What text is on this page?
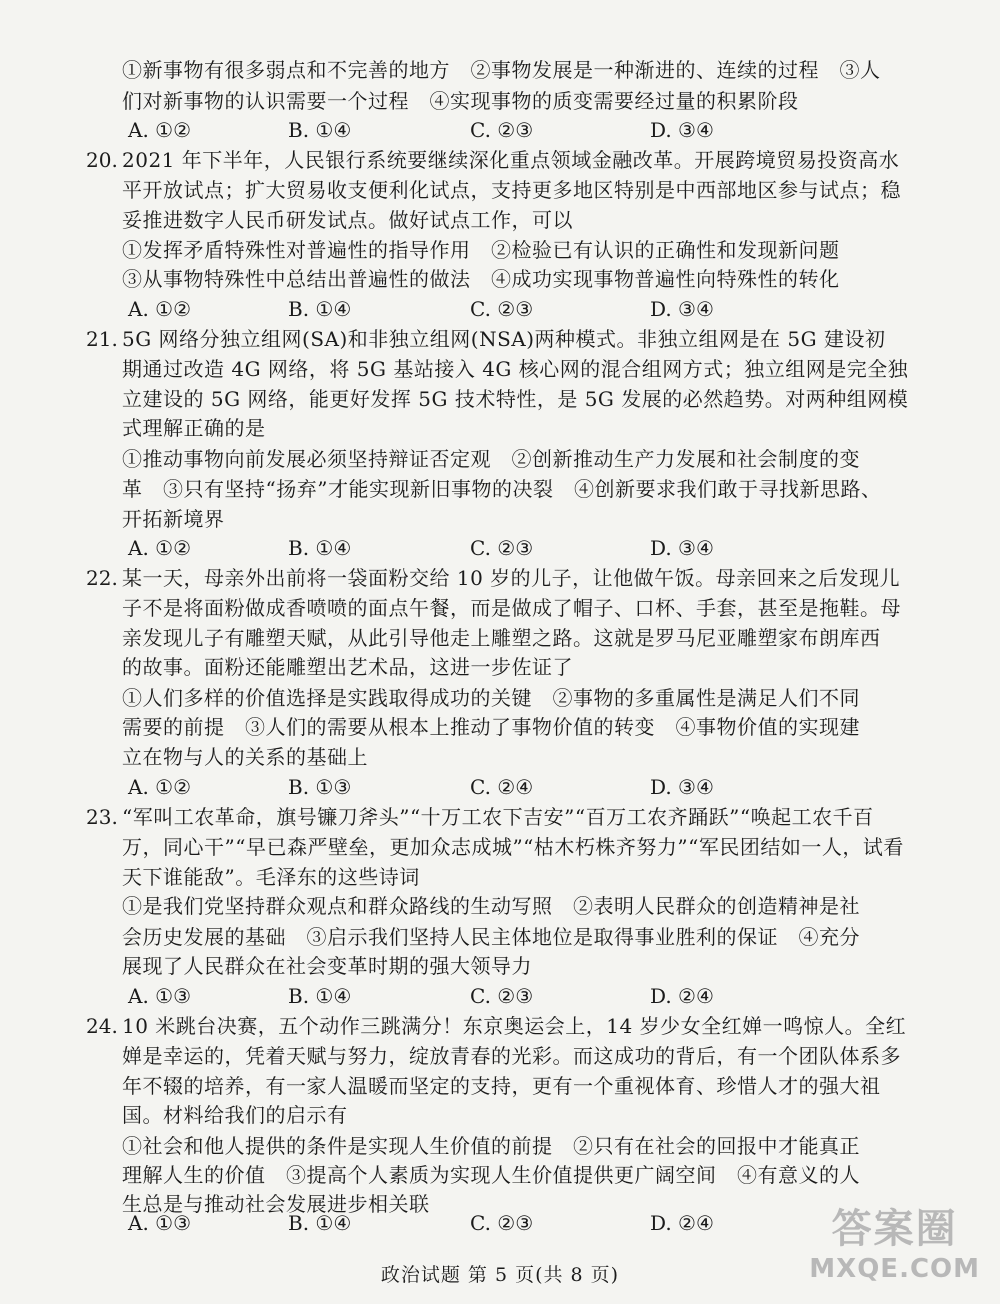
①新事物有很多弱点和不完善的地方　②事物发展是一种渐进的、连续的过程　③人
们对新事物的认识需要一个过程　④实现事物的质变需要经过量的积累阶段
A. ①②	B. ①④	C. ②③	D. ③④
20. 2021 年下半年，人民银行系统要继续深化重点领域金融改革。开展跨境贸易投资高水
平开放试点；扩大贸易收支便利化试点，支持更多地区特别是中西部地区参与试点；稳
妥推进数字人民币研发试点。做好试点工作，可以
①发挥矛盾特殊性对普遍性的指导作用　②检验已有认识的正确性和发现新问题
③从事物特殊性中总结出普遍性的做法　④成功实现事物普遍性向特殊性的转化
A. ①②	B. ①④	C. ②③	D. ③④
21. 5G 网络分独立组网(SA)和非独立组网(NSA)两种模式。非独立组网是在 5G 建设初
期通过改造 4G 网络，将 5G 基站接入 4G 核心网的混合组网方式；独立组网是完全独
立建设的 5G 网络，能更好发挥 5G 技术特性，是 5G 发展的必然趋势。对两种组网模
式理解正确的是
①推动事物向前发展必须坚持辩证否定观　②创新推动生产力发展和社会制度的变
革　③只有坚持“扬弃”才能实现新旧事物的决裂　④创新要求我们敢于寻找新思路、
开拓新境界
A. ①②	B. ①④	C. ②③	D. ③④
22. 某一天，母亲外出前将一袋面粉交给 10 岁的儿子，让他做午饭。母亲回来之后发现儿
子不是将面粉做成香喷喷的面点午餐，而是做成了帽子、口杯、手套，甚至是拖鞋。母
亲发现儿子有雕塑天赋，从此引导他走上雕塑之路。这就是罗马尼亚雕塑家布朗库西
的故事。面粉还能雕塑出艺术品，这进一步佐证了
①人们多样的价值选择是实践取得成功的关键　②事物的多重属性是满足人们不同
需要的前提　③人们的需要从根本上推动了事物价值的转变　④事物价值的实现建
立在物与人的关系的基础上
A. ①②	B. ①③	C. ②④	D. ③④
23. “军叫工农革命，旗号镰刀斧头”“十万工农下吉安”“百万工农齐踊跃”“唤起工农千百
万，同心干”“早已森严壁垒，更加众志成城”“枯木朽株齐努力”“军民团结如一人，试看
天下谁能敌”。毛泽东的这些诗词
①是我们党坚持群众观点和群众路线的生动写照　②表明人民群众的创造精神是社
会历史发展的基础　③启示我们坚持人民主体地位是取得事业胜利的保证　④充分
展现了人民群众在社会变革时期的强大领导力
A. ①③	B. ①④	C. ②③	D. ②④
24. 10 米跳台决赛，五个动作三跳满分！东京奥运会上，14 岁少女全红婵一鸣惊人。全红
婵是幸运的，凭着天赋与努力，绽放青春的光彩。而这成功的背后，有一个团队体系多
年不辍的培养，有一家人温暖而坚定的支持，更有一个重视体育、珍惜人才的强大祖
国。材料给我们的启示有
①社会和他人提供的条件是实现人生价值的前提　②只有在社会的回报中才能真正
理解人生的价值　③提高个人素质为实现人生价值提供更广阔空间　④有意义的人
生总是与推动社会发展进步相关联
A. ①③	B. ①④	C. ②③	D. ②④
政治试题 第 5 页(共 8 页)
答案圈
MXQE.COM
